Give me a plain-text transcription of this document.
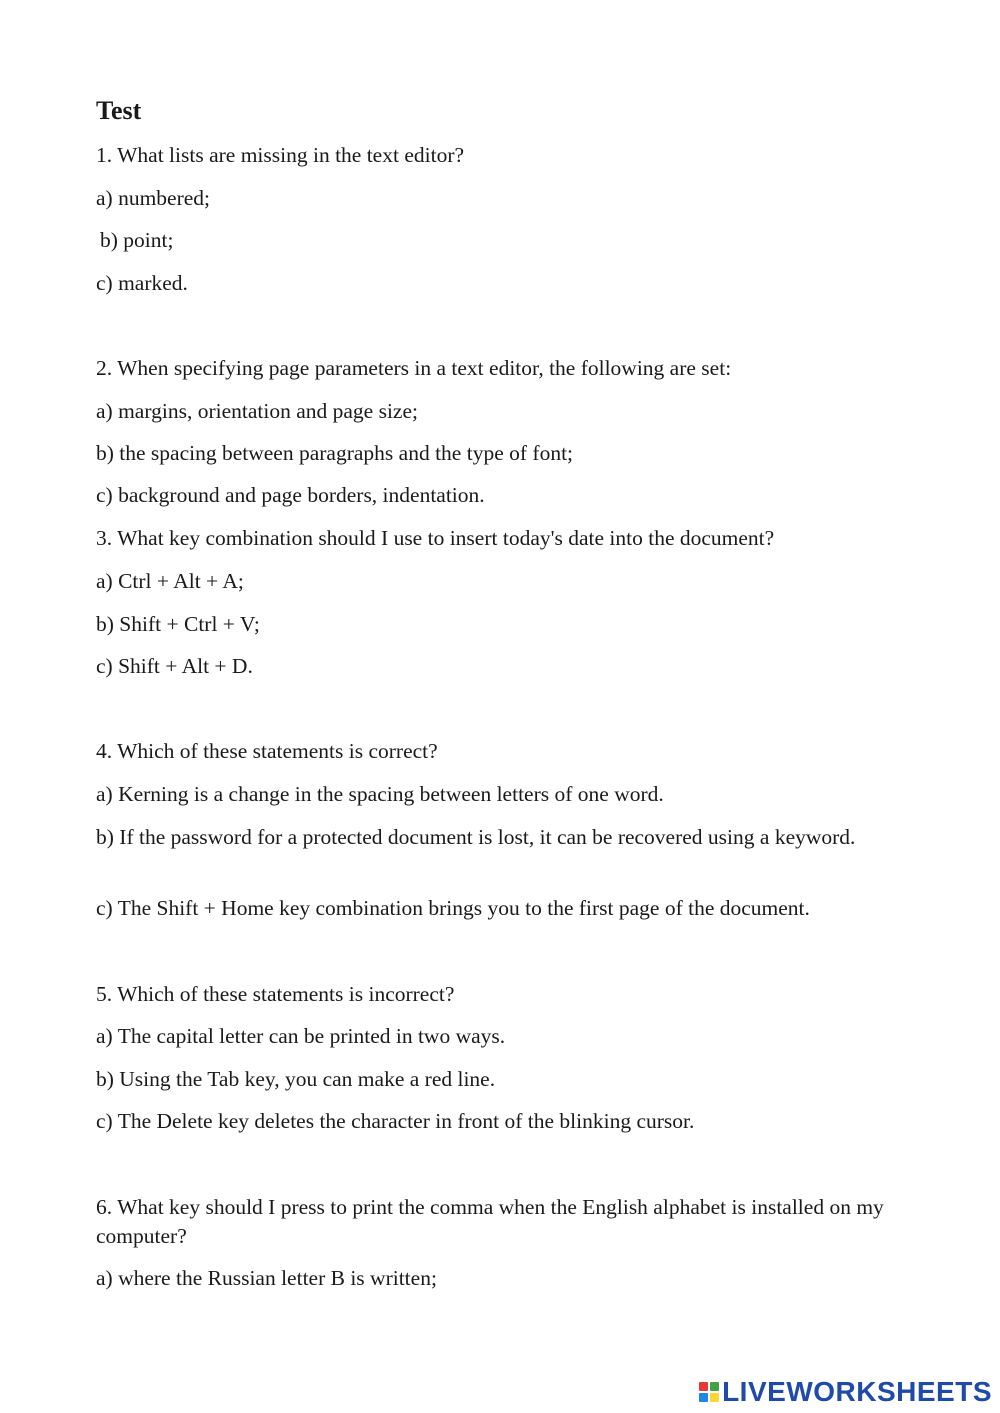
Test

1. What lists are missing in the text editor?

a) numbered;

b) point;

c) marked.

2. When specifying page parameters in a text editor, the following are set:

a) margins, orientation and page size;

b) the spacing between paragraphs and the type of font;

c) background and page borders, indentation.

3. What key combination should I use to insert today's date into the document?

a) Ctrl + Alt + A;

b) Shift + Ctrl + V;

c) Shift + Alt + D.

4. Which of these statements is correct?

a) Kerning is a change in the spacing between letters of one word.

b) If the password for a protected document is lost, it can be recovered using a keyword.

c) The Shift + Home key combination brings you to the first page of the document.

5. Which of these statements is incorrect?

a) The capital letter can be printed in two ways.

b) Using the Tab key, you can make a red line.

c) The Delete key deletes the character in front of the blinking cursor.

6. What key should I press to print the comma when the English alphabet is installed on my computer?

a) where the Russian letter B is written;

LIVEWORKSHEETS
